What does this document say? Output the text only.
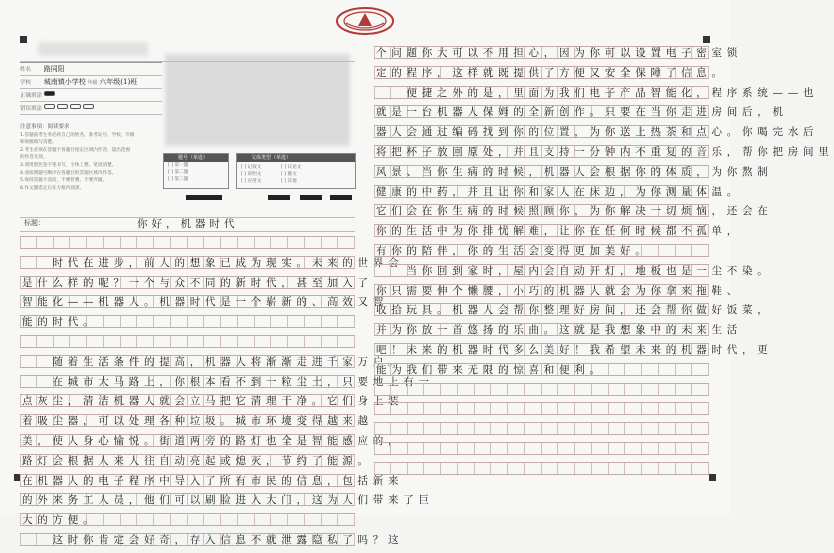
姓名 路同阳
学校 城南镇小学校 年级 六年级(1)班
正确填涂
错误填涂
注意事项：阅读要求
1.答题前考生务必将自己的姓名、准考证号、学校、年级
和班级填写清楚。
2.考生必须在答题卡各题目指定区域内作答，超出范围
的作答无效。
3.请用黑色签字笔书写，字体工整、笔迹清楚。
4.请按照题号顺序在各题目的答题区域内作答。
5.保持答题卡清洁，不要折叠、不要弄破。
6.作文题选定后在方框内涂黑。
题号（单选）
[ ] 第一题
[ ] 第二题
[ ] 第三题
文体类型（单选）
[ ] 记叙文	[ ] 议论文
[ ] 说明文	[ ] 散文
[ ] 应用文	[ ] 其他
标题：	你好，机器时代
　　时代在进步，前人的想象已成为现实。未来的世界会
是什么样的呢？一个与众不同的新时代，甚至加入了
智能化——机器人。机器时代是一个崭新的、高效又智
能的时代。
　　随着生活条件的提高，机器人将渐渐走进千家万户。
　　在城市大马路上，你根本看不到一粒尘土，只要地上有一
点灰尘，清洁机器人就会立马把它清理干净。它们身上装
着吸尘器，可以处理各种垃圾。城市环境变得越来越
美，使人身心愉悦。街道两旁的路灯也全是智能感应的，
路灯会根据人来人往自动亮起或熄灭，节约了能源。
在机器人的电子程序中导入了所有市民的信息，包括新来
的外来务工人员，他们可以刷脸进入大门，这为人们带来了巨
大的方便。
　　这时你肯定会好奇，存入信息不就泄露隐私了吗？这
个问题你大可以不用担心，因为你可以设置电子密室锁
定的程序，这样就既提供了方便又安全保障了信息。
　　便捷之外的是，里面为我们电子产品智能化，程序系统——也
就是一台机器人保姆的全新创作。只要在当你走进房间后，机
器人会通过编码找到你的位置，为你送上热茶和点心。你喝完水后
将把杯子放回原处，并且支持一分钟内不重复的音乐，帮你把房间里
风景、当你生病的时候，机器人会根据你的体质，为你熬制
健康的中药，并且让你和家人在床边，为你测量体温。
它们会在你生病的时候照顾你，为你解决一切烦恼，还会在
你的生活中为你排忧解难，让你在任何时候都不孤单，
有你的陪伴，你的生活会变得更加美好。
　　当你回到家时，屋内会自动开灯，地板也是一尘不染。
你只需要伸个懒腰，小巧的机器人就会为你拿来拖鞋、
收拾玩具。机器人会帮你整理好房间，还会帮你做好饭菜，
并为你放一首悠扬的乐曲。这就是我想象中的未来生活
吧！未来的机器时代多么美好！我希望未来的机器时代，更
能为我们带来无限的惊喜和便利。
